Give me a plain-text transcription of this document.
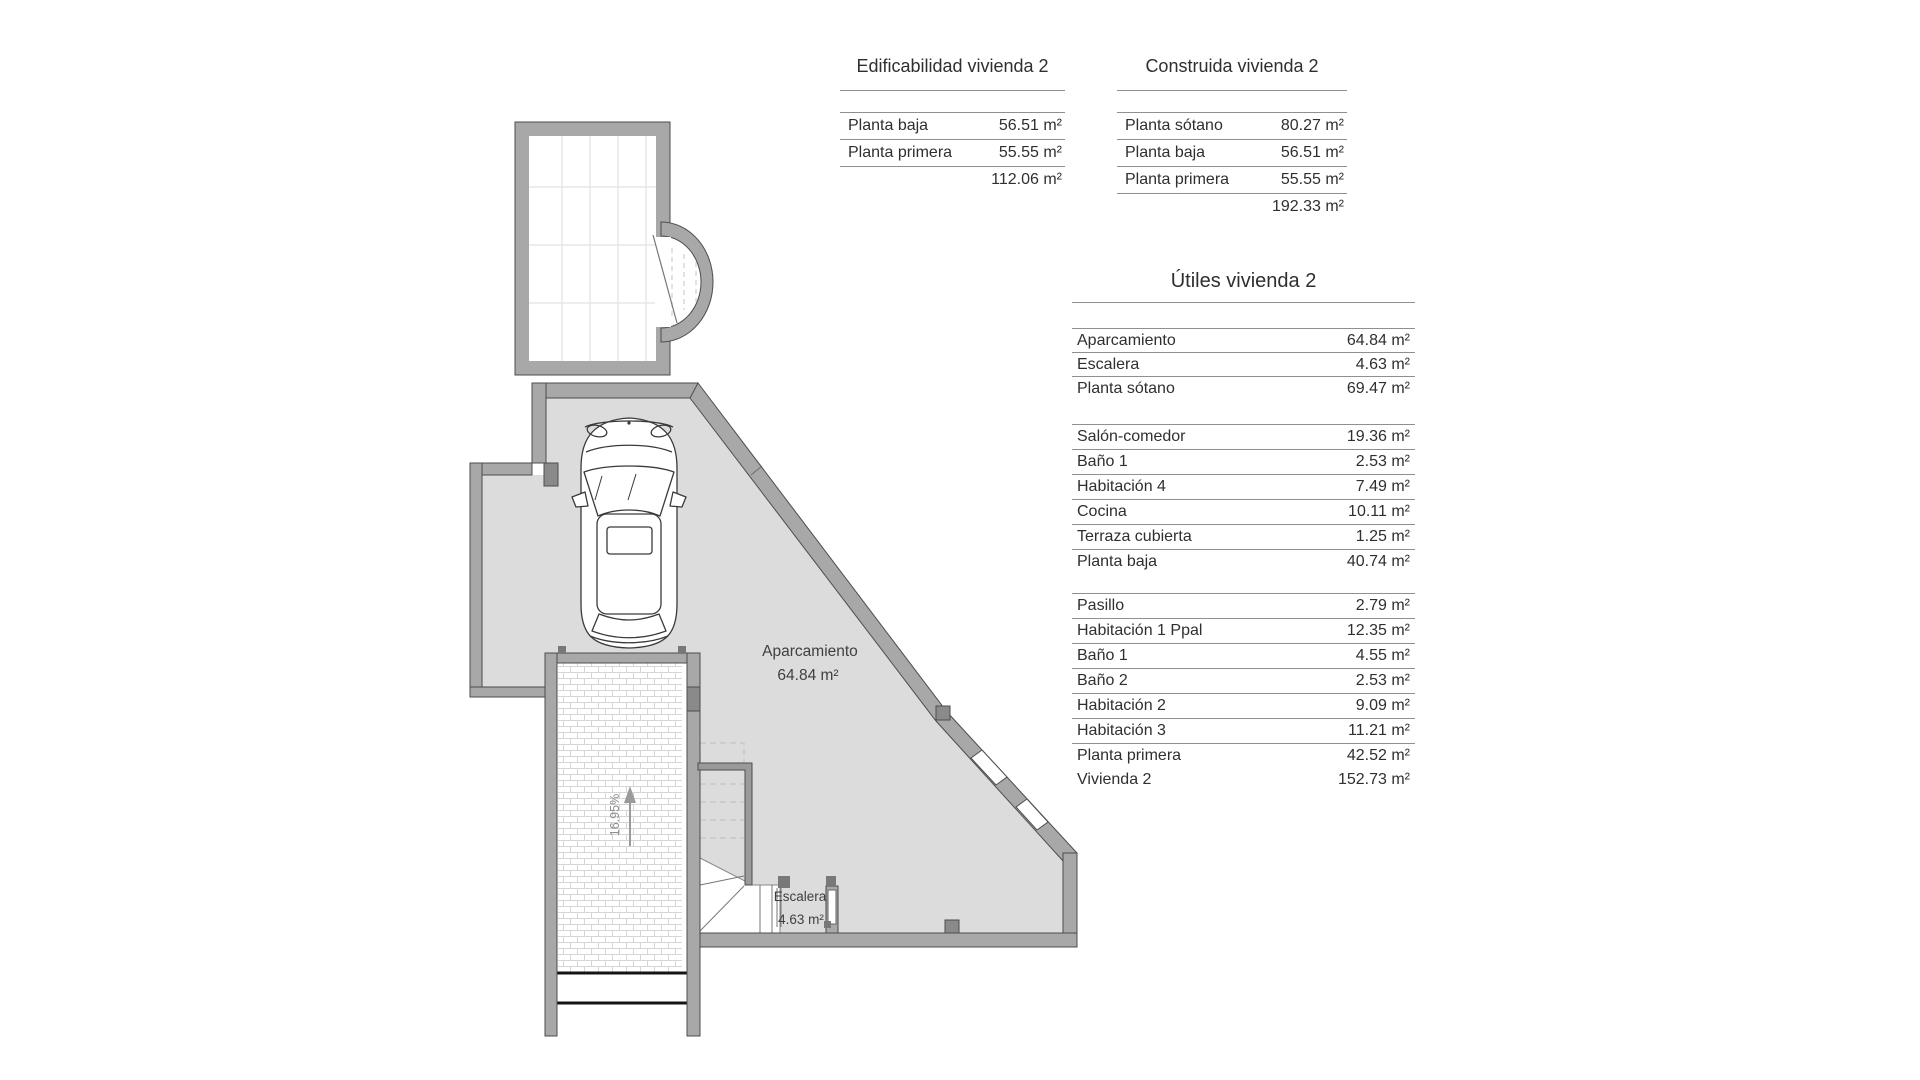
16.95%
Aparcamiento
64.84 m²
Escalera
4.63 m²
Edificabilidad vivienda 2
Planta baja	56.51 m²
Planta primera	55.55 m²
112.06 m²
Construida vivienda 2
Planta sótano	80.27 m²
Planta baja	56.51 m²
Planta primera	55.55 m²
192.33 m²
Útiles vivienda 2
Aparcamiento	64.84 m²
Escalera	4.63 m²
Planta sótano	69.47 m²
Salón-comedor	19.36 m²
Baño 1	2.53 m²
Habitación 4	7.49 m²
Cocina	10.11 m²
Terraza cubierta	1.25 m²
Planta baja	40.74 m²
Pasillo	2.79 m²
Habitación 1 Ppal	12.35 m²
Baño 1	4.55 m²
Baño 2	2.53 m²
Habitación 2	9.09 m²
Habitación 3	11.21 m²
Planta primera	42.52 m²
Vivienda 2	152.73 m²
